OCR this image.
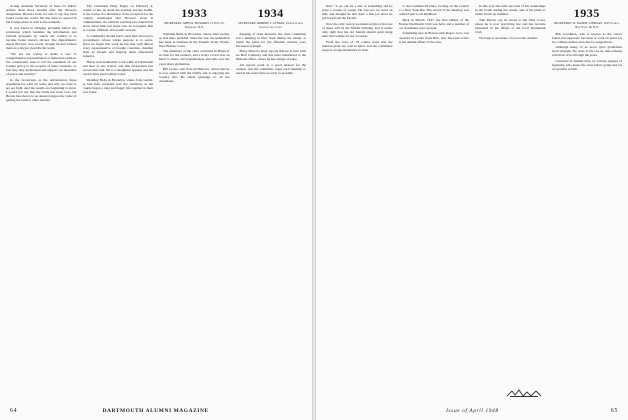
Acting Assistant Secretary of State for Public Affairs three more months after Mr. Brown's resignation. Brown's term, it's safe to say, has been found round the world. He has been so quoted in the foreign press as well as the domestic.

It was found in bringing problems before the profession which banishes the information and cultural programs by which our country is to become better known abroad. The Department's report Brown's own words, though he had written them as a lawyer, describe his work.

"We are not trying to make a sort of comprehensive representation of American opinion. We consistently seek to tell the essentials of our foreign policy to the peoples of other countries, so that they may understand and support our measures of peace and security."

In the broadcasts as the ambassadors these arguments for what we want, and why we want it, are set forth. And the results are beginning to show. I would not say that the battle has been won, but Brown has shown to an unusual degree the value of getting the truth to other nations.

The Cincinnati Daily Eagle, on February 4, would, to her, be spent the evening and the Judith, in the course of a discussion of the prospects for the country, mentioned that Brown's work is commendable. Its editorial said that few Americans know about him, but those who do recognize him as a quiet, efficient, able public servant.

A community should know such men devoted to government: whose whole purpose is to serve. Since he began this work he has met with almost every representative of foreign countries, meeting them as friends and helping them understand America.

Harris well studied his work while at Dartmouth and later at law school, and this preparation has served him well. He is a thoughtful speaker and his reports have been widely noted.

Wedding Bells in Brooklyn, where John Gerlin, as best man, presided over the ceremony as the couple began a long and happy life together in their new home.

1933
SECRETARY, JOHN R. HOWARD, 11 Fifth St, Elmhurst, N.Y.

Wedding Belle in Brooklyn, where John Gerlin, as best man, presided. Since the war, the gentleman has been in business in the Eastern States Works, New Britain, Conn.

The members of the class convened in Hanover in June for the reunion, and a lively crowd was on hand to renew old acquaintances and talk over the years since graduation.

Bill Lyons, who lives in Hanover, writes that he is now settled with his family and is enjoying the country life. He sends greetings to all his classmates.

1934
SECRETARY, ROBERT C. LYMAN, 19 Lenox Ave, Lenox Lake, Conn.

Keeping of class interests, the class committee had a meeting in New York during the winter, at which the plans for the fifteenth reunion were discussed at length.

Harry Mason's letter reports that he is now with the Bell Company and has been transferred to the Midwest office, where he has charge of sales.

All reports point to a good turnout for the reunion, and the committee urges each member to send in his reservation as early as possible.

64	DARTMOUTH ALUMNI MAGAZINE

firm " to go out for a sale or something and be gone a couple of weeks. He was not too hard on him, and thought he had done a fine job since he got back from the Pacific.

Now the only reason we mention this is that one of these will be his fiftieth birthday, and it seems only right that his old friends should send along their best wishes for the occasion.

From the class of '33 comes word that the reunion plans are well in hand, and the committee expects a large attendance in June.

to the Commercial Dept, 1st Reg on the Central to a New York Bar. The record of the meeting was ordered sent to all members.

Back in March, 1947, the first Dinner of the Boston Dartmouth Club was held, and a number of our classmates were present.

Something new in Boston with Roger, Gow, was reported in a letter from Bob, who has been active in the alumni affairs of the area.

In this way also tells our class of his wanderings in the South during the winter, and of his plans to return North by summer.

Tom Barton can be traced to the West Coast, where he is now practicing law and has become interested in the affairs of the local Dartmouth Club.

We hope to see many of you at the reunion.

1935
SECRETARY, W. DANIEL LINDSAY, 16 Fifth Ave, New York 18, N.Y.

Bob Goodman, who is known as the class's friend and supporter, has been at work on plans for the coming reunion and asks for suggestions.

Although many of us never gave graduation much thought, the class is the one tie that remains with most of us through the years.

Lawrence is another man, by various degrees of ingenuity, who keeps the class letters going and we are grateful to him.

Issue of April 1948	65
